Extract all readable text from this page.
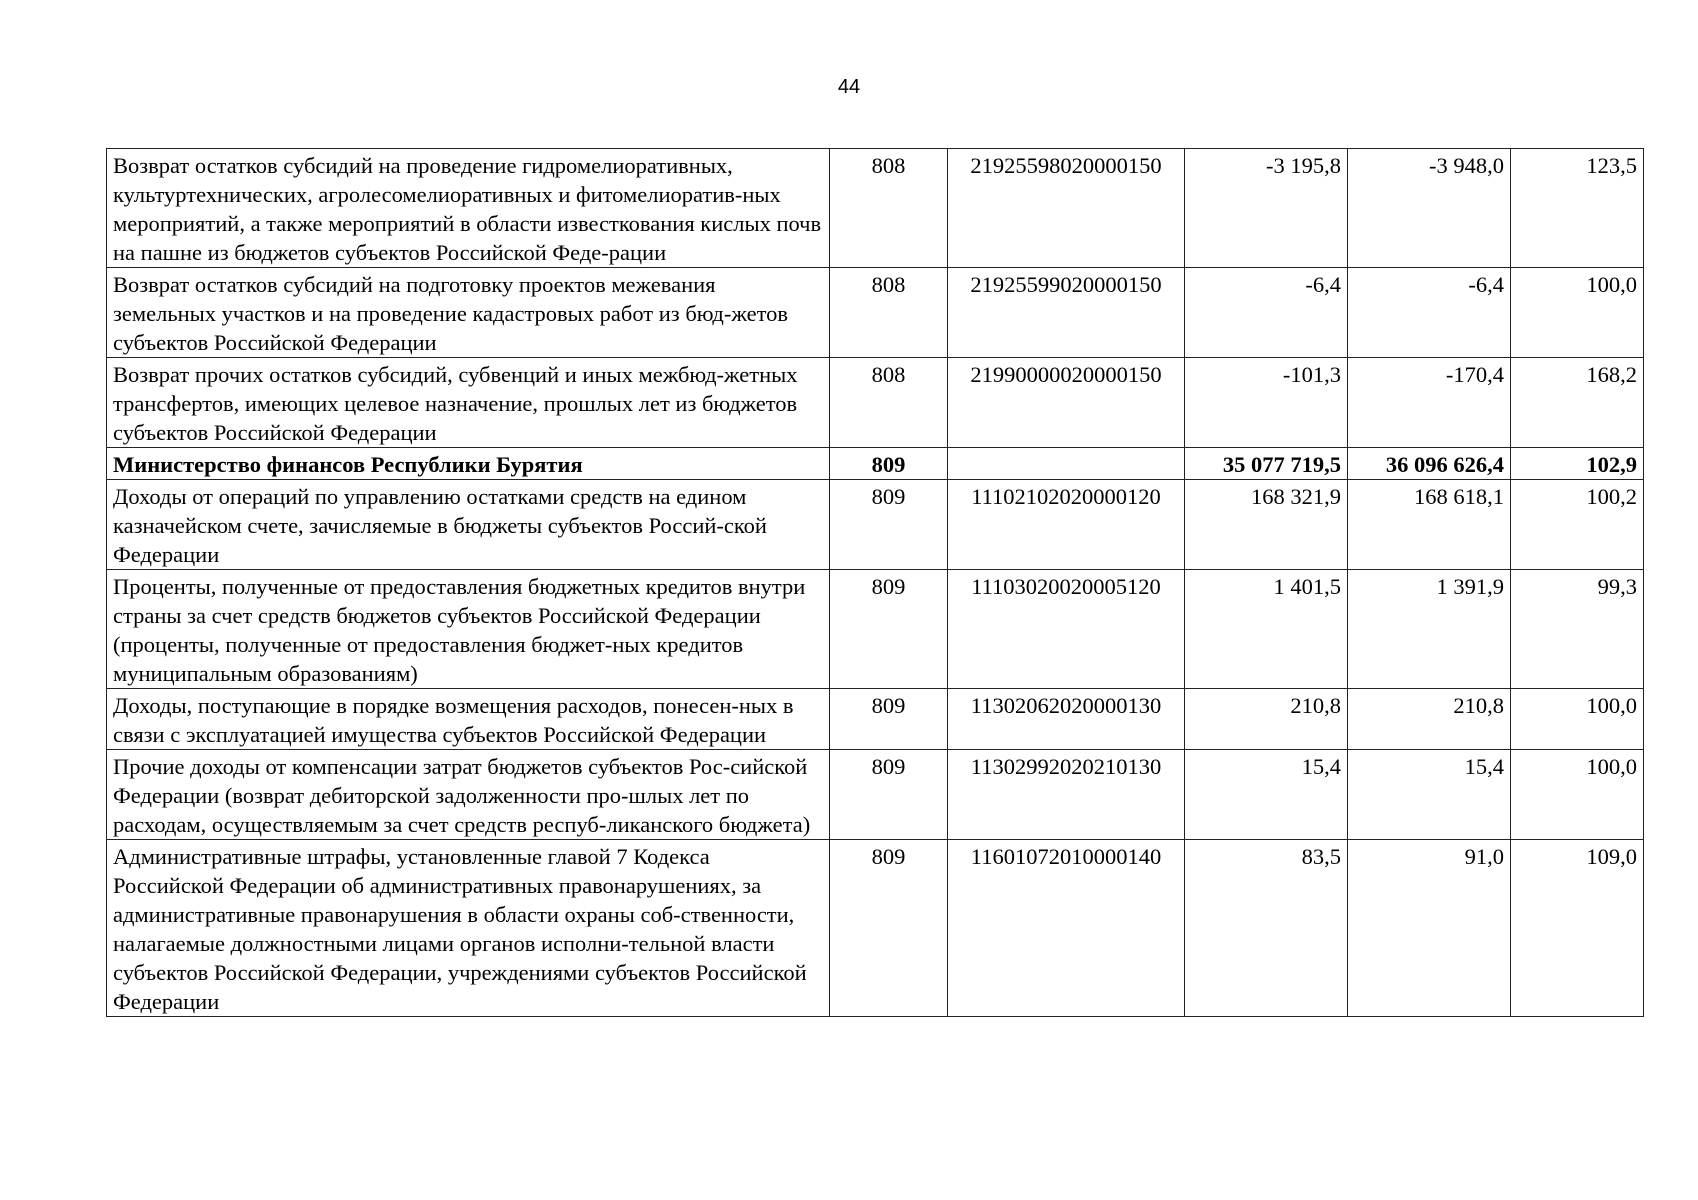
44
Возврат остатков субсидий на проведение гидромелиоративных, культуртехнических, агролесомелиоративных и фитомелиоратив-ных мероприятий, а также мероприятий в области известкования кислых почв на пашне из бюджетов субъектов Российской Феде-рации	808	21925598020000150	-3 195,8	-3 948,0	123,5
Возврат остатков субсидий на подготовку проектов межевания земельных участков и на проведение кадастровых работ из бюд-жетов субъектов Российской Федерации	808	21925599020000150	-6,4	-6,4	100,0
Возврат прочих остатков субсидий, субвенций и иных межбюд-жетных трансфертов, имеющих целевое назначение, прошлых лет из бюджетов субъектов Российской Федерации	808	21990000020000150	-101,3	-170,4	168,2
Министерство финансов Республики Бурятия	809		35 077 719,5	36 096 626,4	102,9
Доходы от операций по управлению остатками средств на едином казначейском счете, зачисляемые в бюджеты субъектов Россий-ской Федерации	809	11102102020000120	168 321,9	168 618,1	100,2
Проценты, полученные от предоставления бюджетных кредитов внутри страны за счет средств бюджетов субъектов Российской Федерации (проценты, полученные от предоставления бюджет-ных кредитов муниципальным образованиям)	809	11103020020005120	1 401,5	1 391,9	99,3
Доходы, поступающие в порядке возмещения расходов, понесен-ных в связи с эксплуатацией имущества субъектов Российской Федерации	809	11302062020000130	210,8	210,8	100,0
Прочие доходы от компенсации затрат бюджетов субъектов Рос-сийской Федерации (возврат дебиторской задолженности про-шлых лет по расходам, осуществляемым за счет средств респуб-ликанского бюджета)	809	11302992020210130	15,4	15,4	100,0
Административные штрафы, установленные главой 7 Кодекса Российской Федерации об административных правонарушениях, за административные правонарушения в области охраны соб-ственности, налагаемые должностными лицами органов исполни-тельной власти субъектов Российской Федерации, учреждениями субъектов Российской Федерации	809	11601072010000140	83,5	91,0	109,0
